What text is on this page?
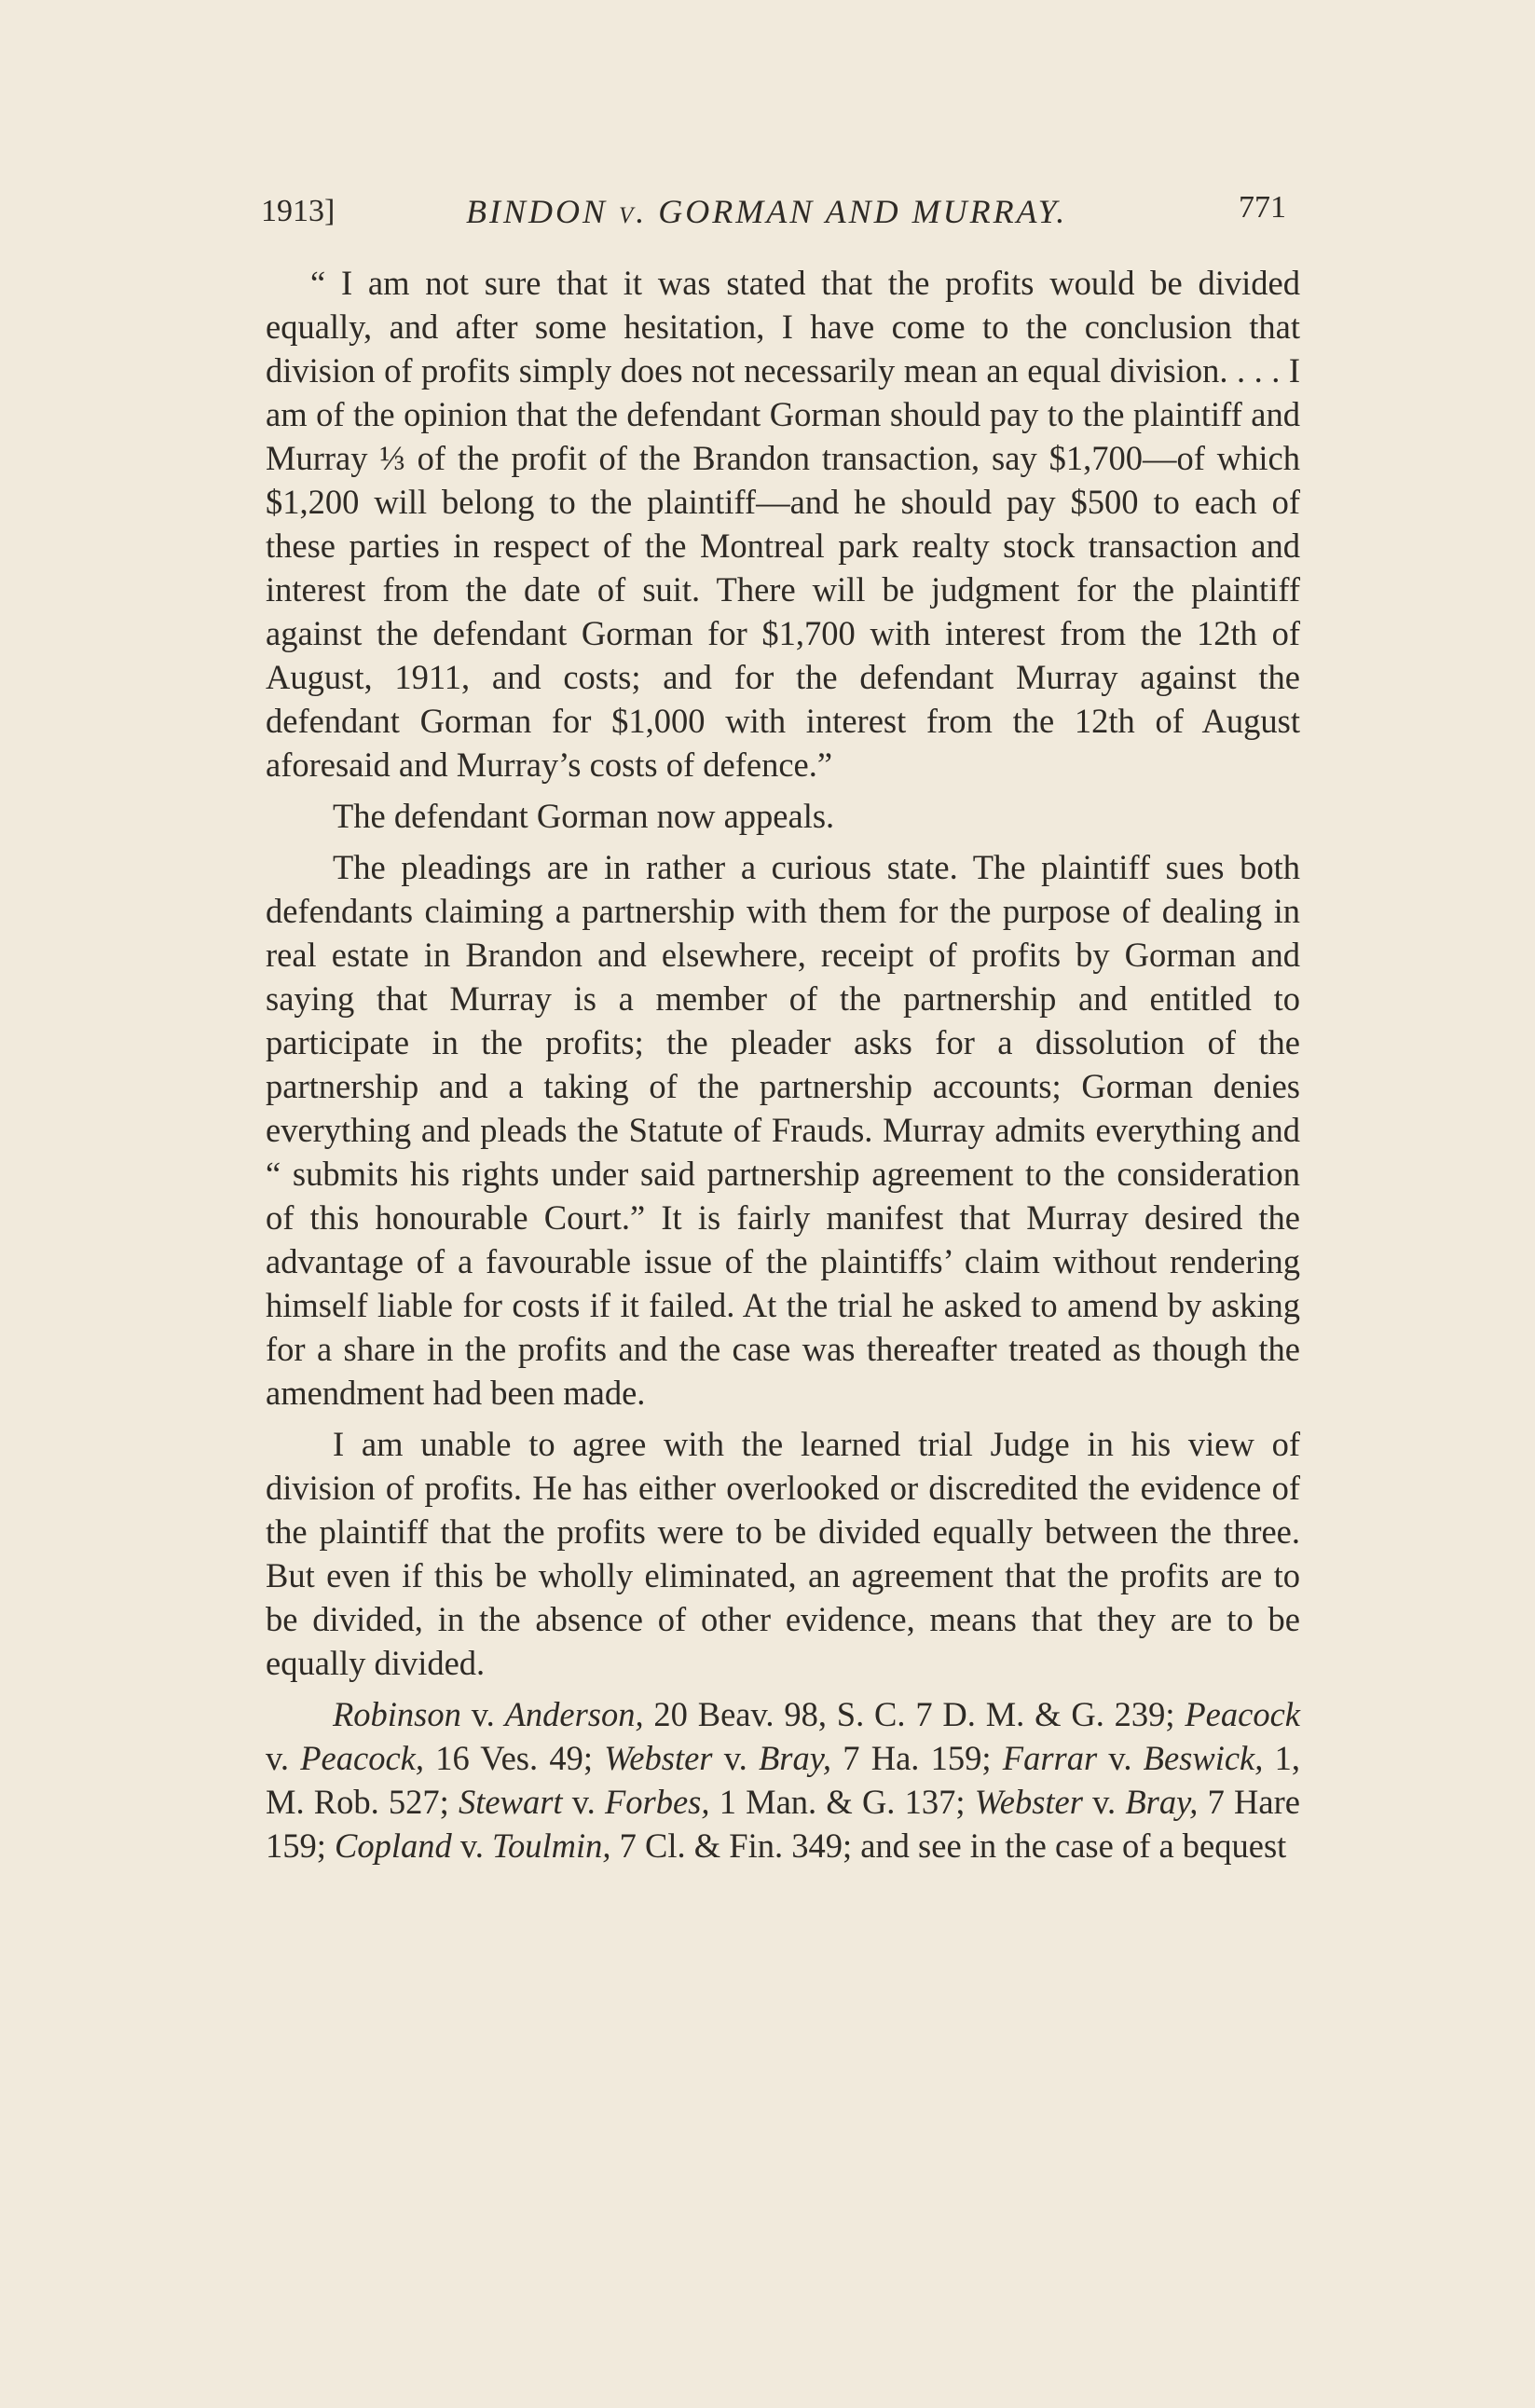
1913]	BINDON v. GORMAN AND MURRAY.	771

“ I am not sure that it was stated that the profits would be divided equally, and after some hesitation, I have come to the conclusion that division of profits simply does not necessarily mean an equal division. . . . I am of the opinion that the defendant Gorman should pay to the plaintiff and Murray ⅓ of the profit of the Brandon transaction, say $1,700—of which $1,200 will belong to the plaintiff—and he should pay $500 to each of these parties in respect of the Montreal park realty stock transaction and interest from the date of suit. There will be judgment for the plaintiff against the defendant Gorman for $1,700 with interest from the 12th of August, 1911, and costs; and for the defendant Murray against the defendant Gorman for $1,000 with interest from the 12th of August aforesaid and Murray’s costs of defence.”

The defendant Gorman now appeals.

The pleadings are in rather a curious state. The plaintiff sues both defendants claiming a partnership with them for the purpose of dealing in real estate in Brandon and elsewhere, receipt of profits by Gorman and saying that Murray is a member of the partnership and entitled to participate in the profits; the pleader asks for a dissolution of the partnership and a taking of the partnership accounts; Gorman denies everything and pleads the Statute of Frauds. Murray admits everything and “ submits his rights under said partnership agreement to the consideration of this honourable Court.” It is fairly manifest that Murray desired the advantage of a favourable issue of the plaintiffs’ claim without rendering himself liable for costs if it failed. At the trial he asked to amend by asking for a share in the profits and the case was thereafter treated as though the amendment had been made.

I am unable to agree with the learned trial Judge in his view of division of profits. He has either overlooked or discredited the evidence of the plaintiff that the profits were to be divided equally between the three. But even if this be wholly eliminated, an agreement that the profits are to be divided, in the absence of other evidence, means that they are to be equally divided.

Robinson v. Anderson, 20 Beav. 98, S. C. 7 D. M. & G. 239; Peacock v. Peacock, 16 Ves. 49; Webster v. Bray, 7 Ha. 159; Farrar v. Beswick, 1, M. Rob. 527; Stewart v. Forbes, 1 Man. & G. 137; Webster v. Bray, 7 Hare 159; Copland v. Toulmin, 7 Cl. & Fin. 349; and see in the case of a bequest
